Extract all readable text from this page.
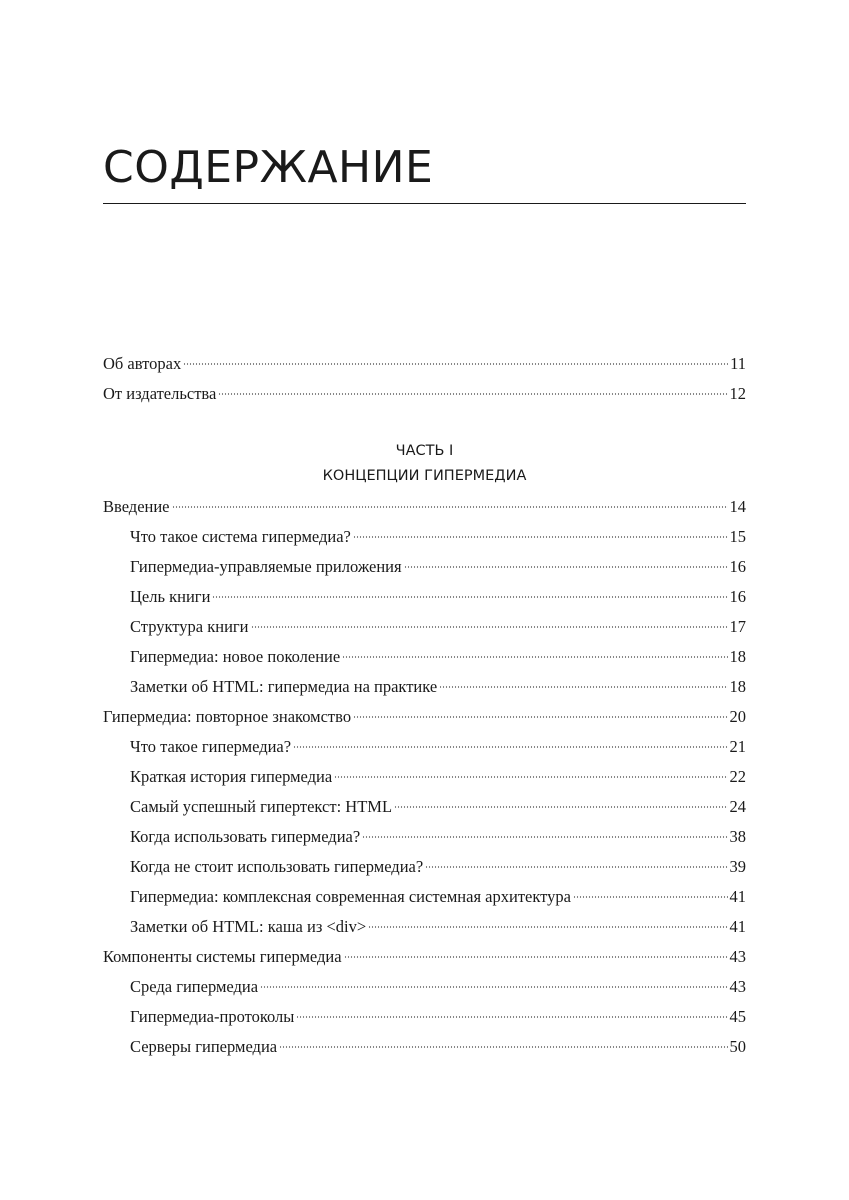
СОДЕРЖАНИЕ
Об авторах	11
От издательства	12
ЧАСТЬ I
КОНЦЕПЦИИ ГИПЕРМЕДИА
Введение	14
Что такое система гипермедиа?	15
Гипермедиа-управляемые приложения	16
Цель книги	16
Структура книги	17
Гипермедиа: новое поколение	18
Заметки об HTML: гипермедиа на практике	18
Гипермедиа: повторное знакомство	20
Что такое гипермедиа?	21
Краткая история гипермедиа	22
Самый успешный гипертекст: HTML	24
Когда использовать гипермедиа?	38
Когда не стоит использовать гипермедиа?	39
Гипермедиа: комплексная современная системная архитектура	41
Заметки об HTML: каша из <div>	41
Компоненты системы гипермедиа	43
Среда гипермедиа	43
Гипермедиа-протоколы	45
Серверы гипермедиа	50
